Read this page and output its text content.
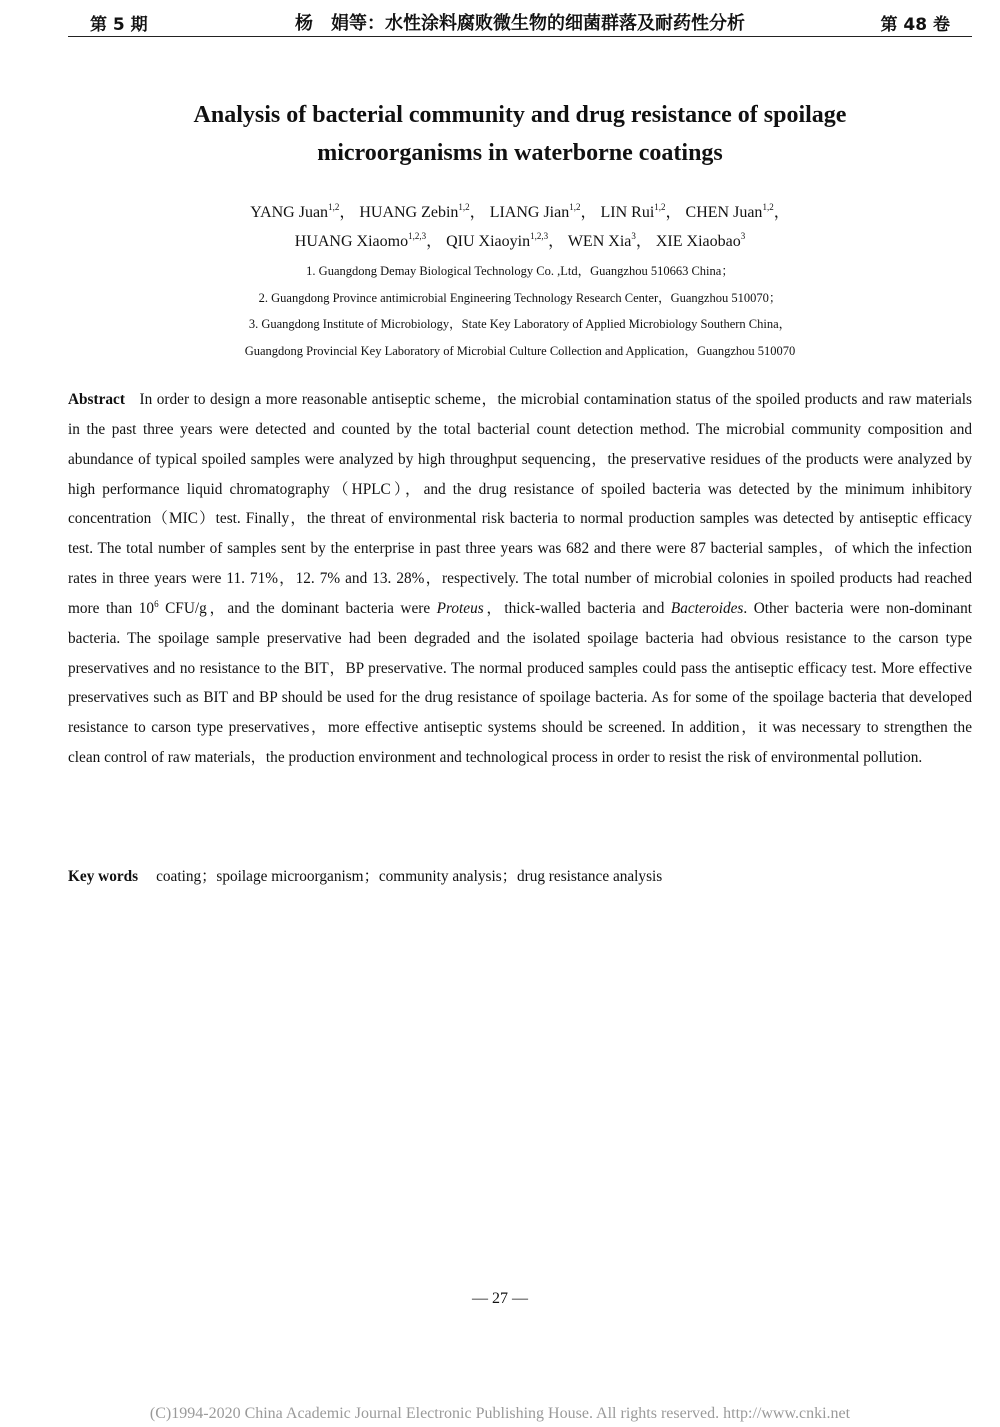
第 5 期	杨　娟等：水性涂料腐败微生物的细菌群落及耐药性分析	第 48 卷
Analysis of bacterial community and drug resistance of spoilage
microorganisms in waterborne coatings
YANG Juan$^{1,2}$， HUANG Zebin$^{1,2}$， LIANG Jian$^{1,2}$， LIN Rui$^{1,2}$， CHEN Juan$^{1,2}$，
HUANG Xiaomo$^{1,2,3}$， QIU Xiaoyin$^{1,2,3}$， WEN Xia$^3$， XIE Xiaobao$^3$
1. Guangdong Demay Biological Technology Co. ,Ltd，Guangzhou 510663 China；
2. Guangdong Province antimicrobial Engineering Technology Research Center，Guangzhou 510070；
3. Guangdong Institute of Microbiology，State Key Laboratory of Applied Microbiology Southern China，
Guangdong Provincial Key Laboratory of Microbial Culture Collection and Application，Guangzhou 510070
Abstract In order to design a more reasonable antiseptic scheme，the microbial contamination status of the spoiled products and raw materials in the past three years were detected and counted by the total bacterial count detection method. The microbial community composition and abundance of typical spoiled samples were analyzed by high throughput sequencing，the preservative residues of the products were analyzed by high performance liquid chromatography（HPLC），and the drug resistance of spoiled bacteria was detected by the minimum inhibitory concentration（MIC）test. Finally，the threat of environmental risk bacteria to normal production samples was detected by antiseptic efficacy test. The total number of samples sent by the enterprise in past three years was 682 and there were 87 bacterial samples，of which the infection rates in three years were 11. 71%，12. 7% and 13. 28%，respectively. The total number of microbial colonies in spoiled products had reached more than $10^6$ CFU/g，and the dominant bacteria were Proteus，thick-walled bacteria and Bacteroides. Other bacteria were non-dominant bacteria. The spoilage sample preservative had been degraded and the isolated spoilage bacteria had obvious resistance to the carson type preservatives and no resistance to the BIT，BP preservative. The normal produced samples could pass the antiseptic efficacy test. More effective preservatives such as BIT and BP should be used for the drug resistance of spoilage bacteria. As for some of the spoilage bacteria that developed resistance to carson type preservatives，more effective antiseptic systems should be screened. In addition，it was necessary to strengthen the clean control of raw materials，the production environment and technological process in order to resist the risk of environmental pollution.
Key words coating；spoilage microorganism；community analysis；drug resistance analysis
— 27 —
(C)1994-2020 China Academic Journal Electronic Publishing House. All rights reserved. http://www.cnki.net
